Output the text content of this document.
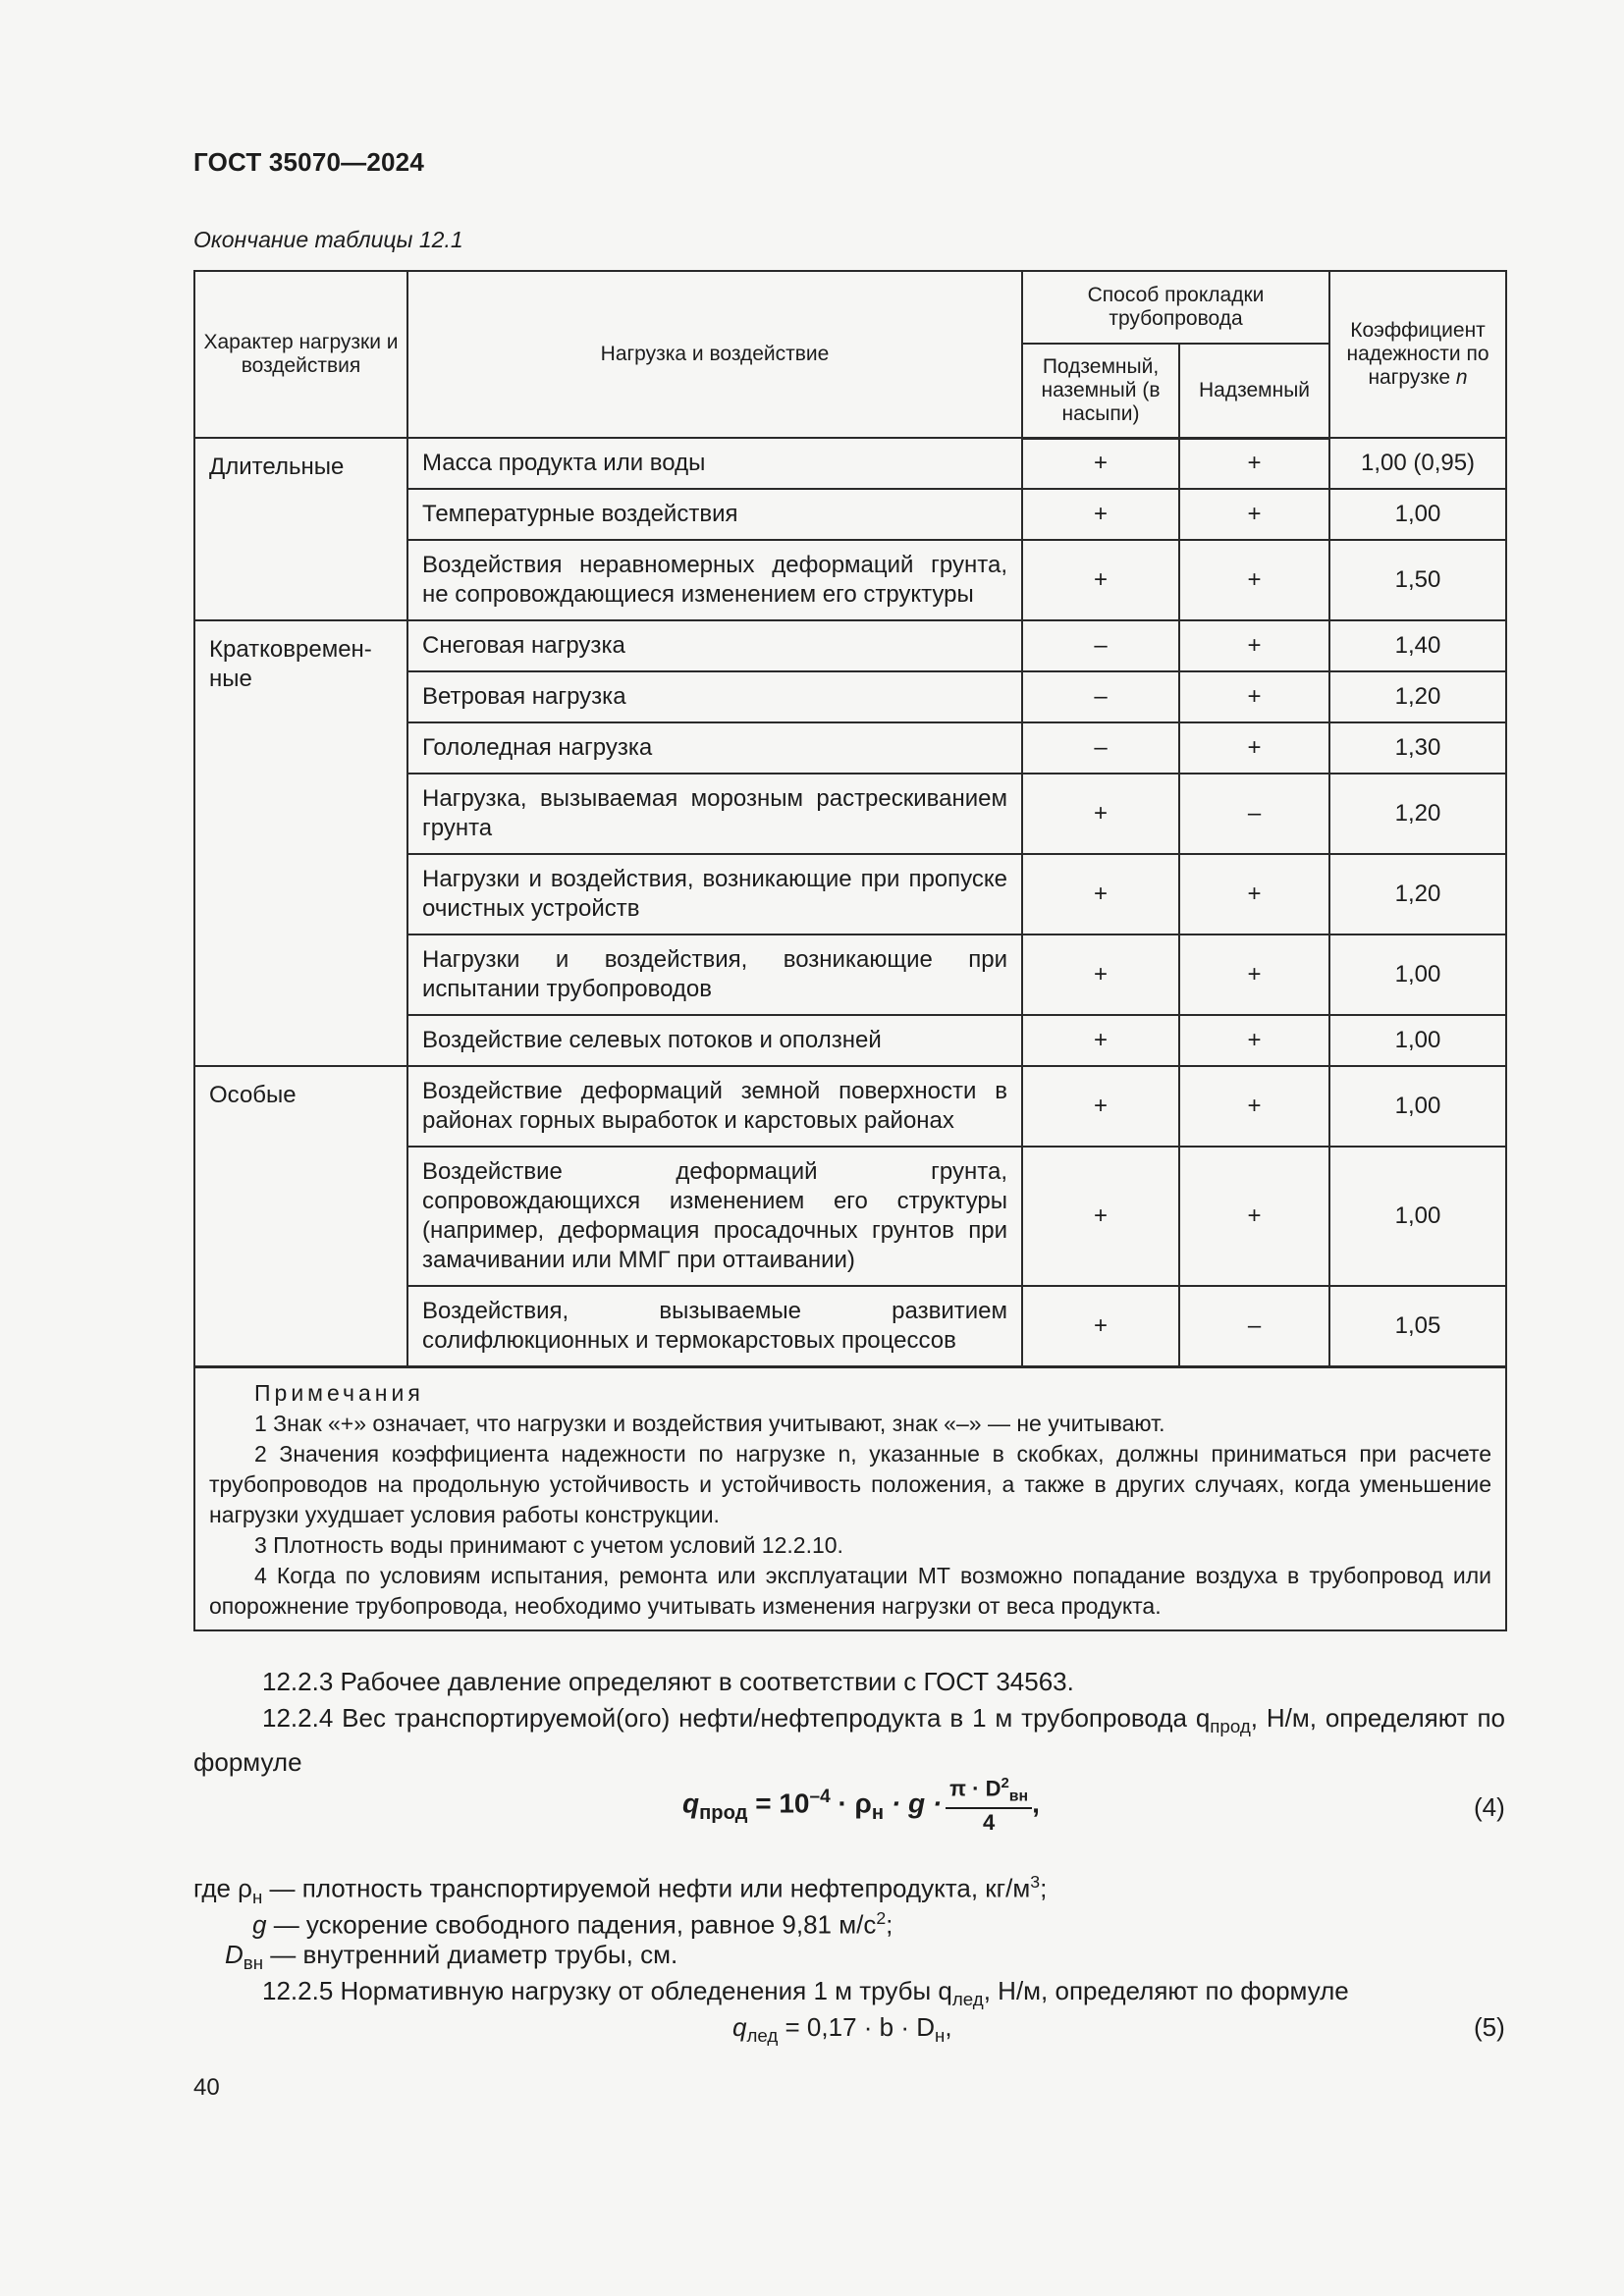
ГОСТ 35070—2024
Окончание таблицы 12.1
Характер нагрузки и воздействия	Нагрузка и воздействие	Способ прокладки трубопровода		Коэффициент надежности по нагрузке n
		Подземный, наземный (в насыпи)	Надземный	
Длительные	Масса продукта или воды	+	+	1,00 (0,95)
	Температурные воздействия	+	+	1,00
	Воздействия неравномерных деформаций грунта, не сопровождающиеся изменением его структуры	+	+	1,50
Кратковремен-ные	Снеговая нагрузка	–	+	1,40
	Ветровая нагрузка	–	+	1,20
	Гололедная нагрузка	–	+	1,30
	Нагрузка, вызываемая морозным растрескиванием грунта	+	–	1,20
	Нагрузки и воздействия, возникающие при пропуске очистных устройств	+	+	1,20
	Нагрузки и воздействия, возникающие при испытании трубопроводов	+	+	1,00
	Воздействие селевых потоков и оползней	+	+	1,00
Особые	Воздействие деформаций земной поверхности в районах горных выработок и карстовых районах	+	+	1,00
	Воздействие деформаций грунта, сопровождающихся изменением его структуры (например, деформация просадочных грунтов при замачивании или ММГ при оттаивании)	+	+	1,00
	Воздействия, вызываемые развитием солифлюкционных и термокарстовых процессов	+	–	1,05

Примечания
1 Знак «+» означает, что нагрузки и воздействия учитывают, знак «–» — не учитывают.
2 Значения коэффициента надежности по нагрузке n, указанные в скобках, должны приниматься при расчете трубопроводов на продольную устойчивость и устойчивость положения, а также в других случаях, когда уменьшение нагрузки ухудшает условия работы конструкции.
3 Плотность воды принимают с учетом условий 12.2.10.
4 Когда по условиям испытания, ремонта или эксплуатации МТ возможно попадание воздуха в трубопровод или опорожнение трубопровода, необходимо учитывать изменения нагрузки от веса продукта.				
12.2.3 Рабочее давление определяют в соответствии с ГОСТ 34563.
12.2.4 Вес транспортируемой(ого) нефти/нефтепродукта в 1 м трубопровода $q_{прод}$, Н/м, определяют по формуле
$q_{прод} = 10^{-4} \cdot \rho_н \cdot g \cdot \frac{\pi \cdot D^2_{вн}}{4}$ ,	(4)
где $\rho_н$ — плотность транспортируемой нефти или нефтепродукта, $кг/м^3$;
g — ускорение свободного падения, равное 9,81 $м/с^2$;
$D_{вн}$ — внутренний диаметр трубы, см.
12.2.5 Нормативную нагрузку от обледенения 1 м трубы $q_{лед}$, Н/м, определяют по формуле
$q_{лед} = 0,17 \cdot b \cdot D_н$,	(5)
40
